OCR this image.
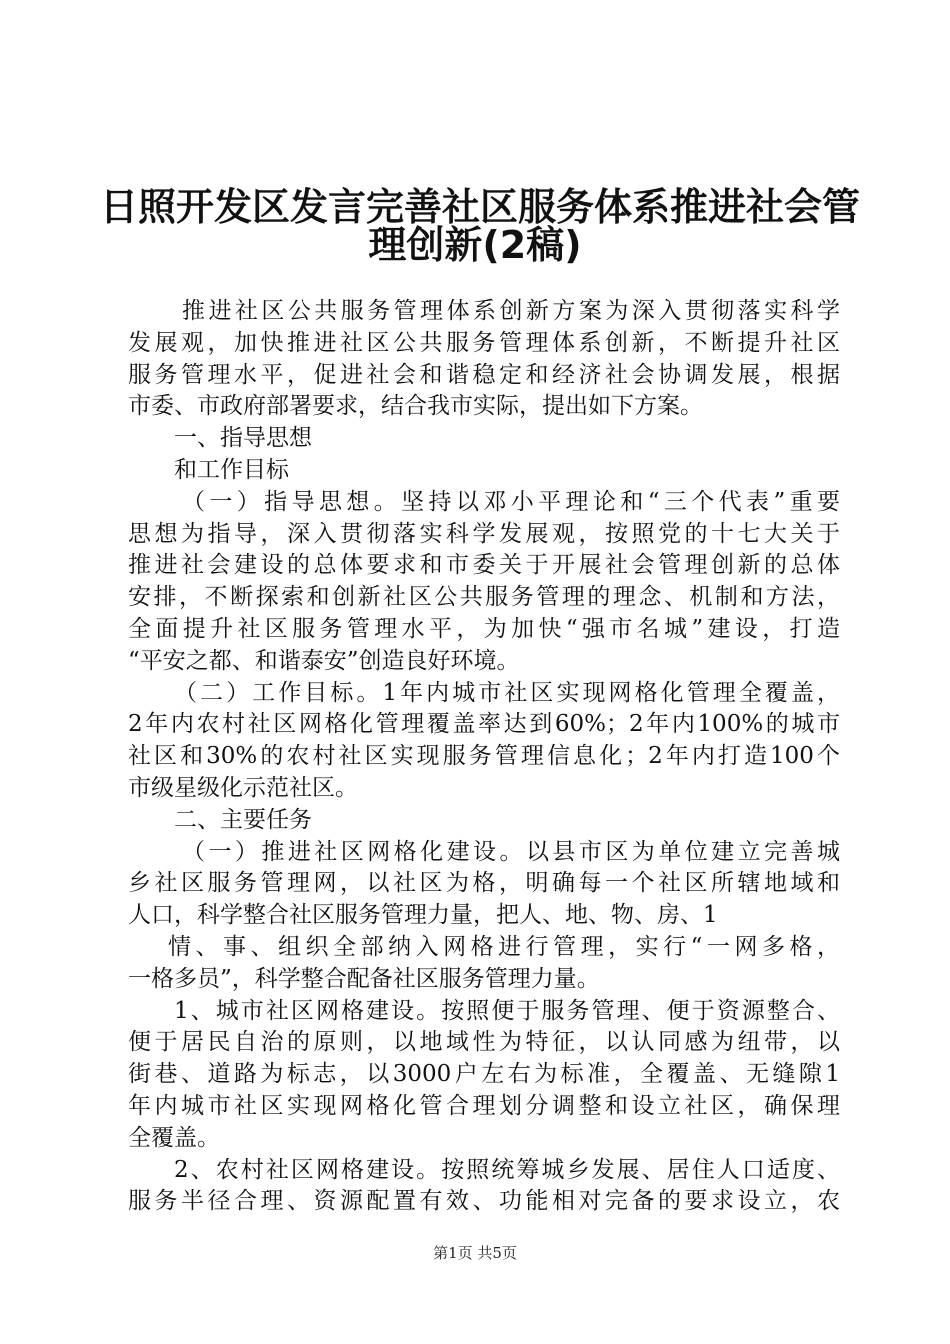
日照开发区发言完善社区服务体系推进社会管
理创新(2稿)
推进社区公共服务管理体系创新方案为深入贯彻落实科学
发展观，加快推进社区公共服务管理体系创新，不断提升社区
服务管理水平，促进社会和谐稳定和经济社会协调发展，根据
市委、市政府部署要求，结合我市实际，提出如下方案。
一、指导思想
和工作目标
（一）指导思想。坚持以邓小平理论和“三个代表”重要
思想为指导，深入贯彻落实科学发展观，按照党的十七大关于
推进社会建设的总体要求和市委关于开展社会管理创新的总体
安排，不断探索和创新社区公共服务管理的理念、机制和方法，
全面提升社区服务管理水平，为加快“强市名城”建设，打造
“平安之都、和谐泰安”创造良好环境。
（二）工作目标。1年内城市社区实现网格化管理全覆盖，
2年内农村社区网格化管理覆盖率达到60%；2年内100%的城市
社区和30%的农村社区实现服务管理信息化；2年内打造100个
市级星级化示范社区。
二、主要任务
（一）推进社区网格化建设。以县市区为单位建立完善城
乡社区服务管理网，以社区为格，明确每一个社区所辖地域和
人口，科学整合社区服务管理力量，把人、地、物、房、1
情、事、组织全部纳入网格进行管理，实行“一网多格，
一格多员”，科学整合配备社区服务管理力量。
1、城市社区网格建设。按照便于服务管理、便于资源整合、
便于居民自治的原则，以地域性为特征，以认同感为纽带，以
街巷、道路为标志，以3000户左右为标准，全覆盖、无缝隙1
年内城市社区实现网格化管合理划分调整和设立社区，确保理
全覆盖。
2、农村社区网格建设。按照统筹城乡发展、居住人口适度、
服务半径合理、资源配置有效、功能相对完备的要求设立，农
第1页 共5页
